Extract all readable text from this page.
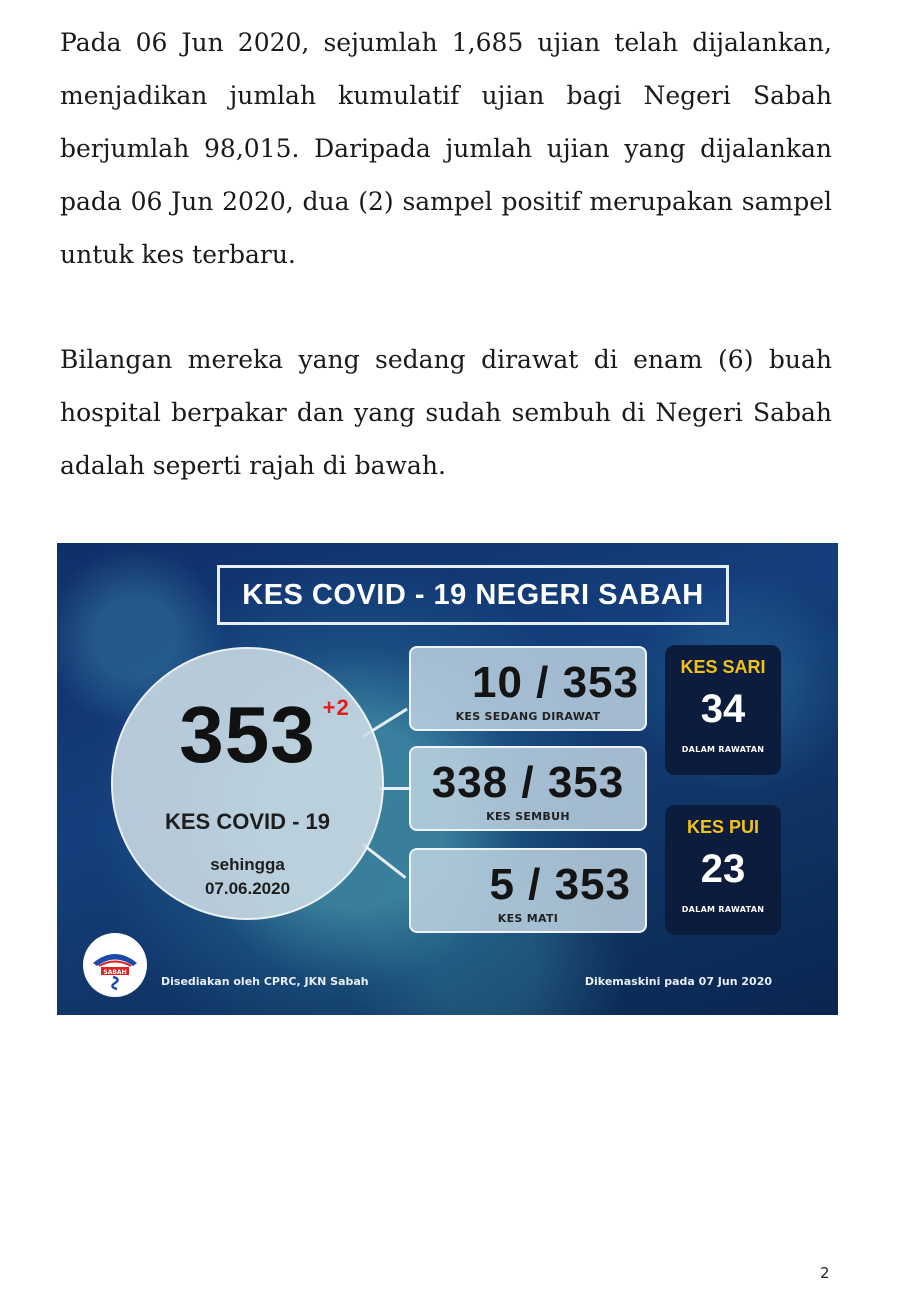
Pada 06 Jun 2020, sejumlah 1,685 ujian telah dijalankan, menjadikan jumlah kumulatif ujian bagi Negeri Sabah berjumlah 98,015. Daripada jumlah ujian yang dijalankan pada 06 Jun 2020, dua (2) sampel positif merupakan sampel untuk kes terbaru.

Bilangan mereka yang sedang dirawat di enam (6) buah hospital berpakar dan yang sudah sembuh di Negeri Sabah adalah seperti rajah di bawah.

KES COVID - 19 NEGERI SABAH
353 +2
KES COVID - 19
sehingga
07.06.2020
10 / 353
KES SEDANG DIRAWAT
338 / 353
KES SEMBUH
5 / 353
KES MATI
KES SARI
34
DALAM RAWATAN
KES PUI
23
DALAM RAWATAN
SABAH
Disediakan oleh CPRC, JKN Sabah	Dikemaskini pada 07 Jun 2020
2
